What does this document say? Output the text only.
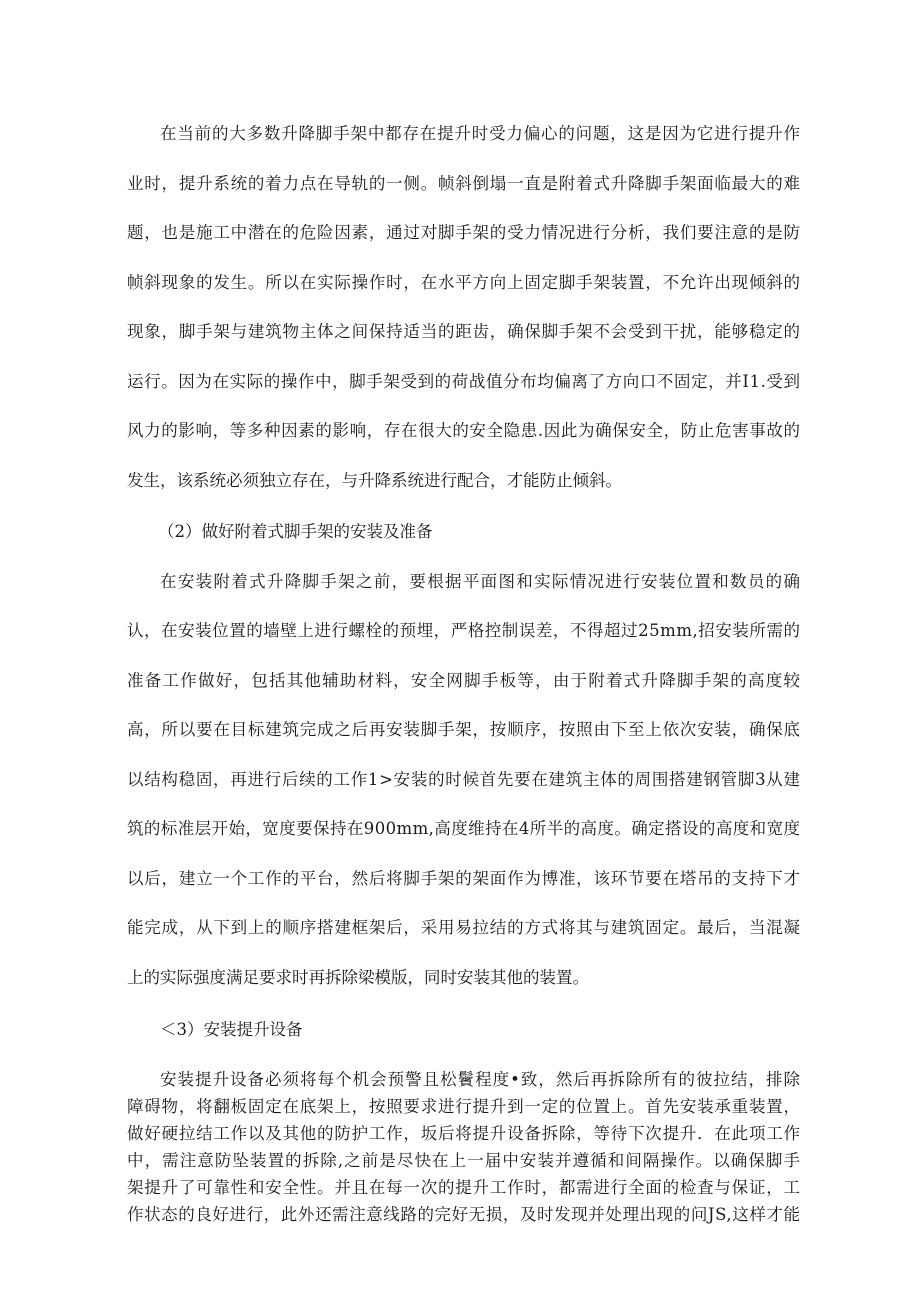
在当前的大多数升降脚手架中都存在提升时受力偏心的问题，这是因为它进行提升作
业时，提升系统的着力点在导轨的一侧。帧斜倒塌一直是附着式升降脚手架面临最大的难
题，也是施工中潜在的危险因素，通过对脚手架的受力情况进行分析，我们要注意的是防
帧斜现象的发生。所以在实际操作时，在水平方向上固定脚手架装置，不允许出现倾斜的
现象，脚手架与建筑物主体之间保持适当的距齿，确保脚手架不会受到干扰，能够稳定的
运行。因为在实际的操作中，脚手架受到的荷战值分布均偏离了方向口不固定，并I1.受到
风力的影响，等多种因素的影响，存在很大的安全隐患.因此为确保安全，防止危害事故的
发生，该系统必须独立存在，与升降系统进行配合，才能防止倾斜。
（2）做好附着式脚手架的安装及准备
在安装附着式升降脚手架之前，要根据平面图和实际情况进行安装位置和数员的确
认，在安装位置的墙壁上进行螺栓的预埋，严格控制误差，不得超过25mm,招安装所需的
准备工作做好，包括其他辅助材料，安全网脚手板等，由于附着式升降脚手架的高度较
高，所以要在目标建筑完成之后再安装脚手架，按顺序，按照由下至上依次安装，确保底
以结构稳固，再进行后续的工作1>安装的时候首先要在建筑主体的周围搭建钢管脚3从建
筑的标准层开始，宽度要保持在900mm,高度维持在4所半的高度。确定搭设的高度和宽度
以后，建立一个工作的平台，然后将脚手架的架面作为博准，该环节要在塔吊的支持下才
能完成，从下到上的顺序搭建框架后，采用易拉结的方式将其与建筑固定。最后，当混凝
上的实际强度满足要求时再拆除梁模版，同时安装其他的装置。
＜3）安装提升设备
安装提升设备必须将每个机会预警且松鬢程度•致，然后再拆除所有的彼拉结，排除
障碍物，将翻板固定在底架上，按照要求进行提升到一定的位置上。首先安装承重装置，
做好硬拉结工作以及其他的防护工作，坂后将提升设备拆除，等待下次提升．在此项工作
中，需注意防坠装置的拆除,之前是尽快在上一届中安装并遵循和间隔操作。以确保脚手
架提升了可靠性和安全性。并且在每一次的提升工作时，都需进行全面的检査与保证，工
作状态的良好进行，此外还需注意线路的完好无损，及时发现并处理出现的问JS,这样才能
